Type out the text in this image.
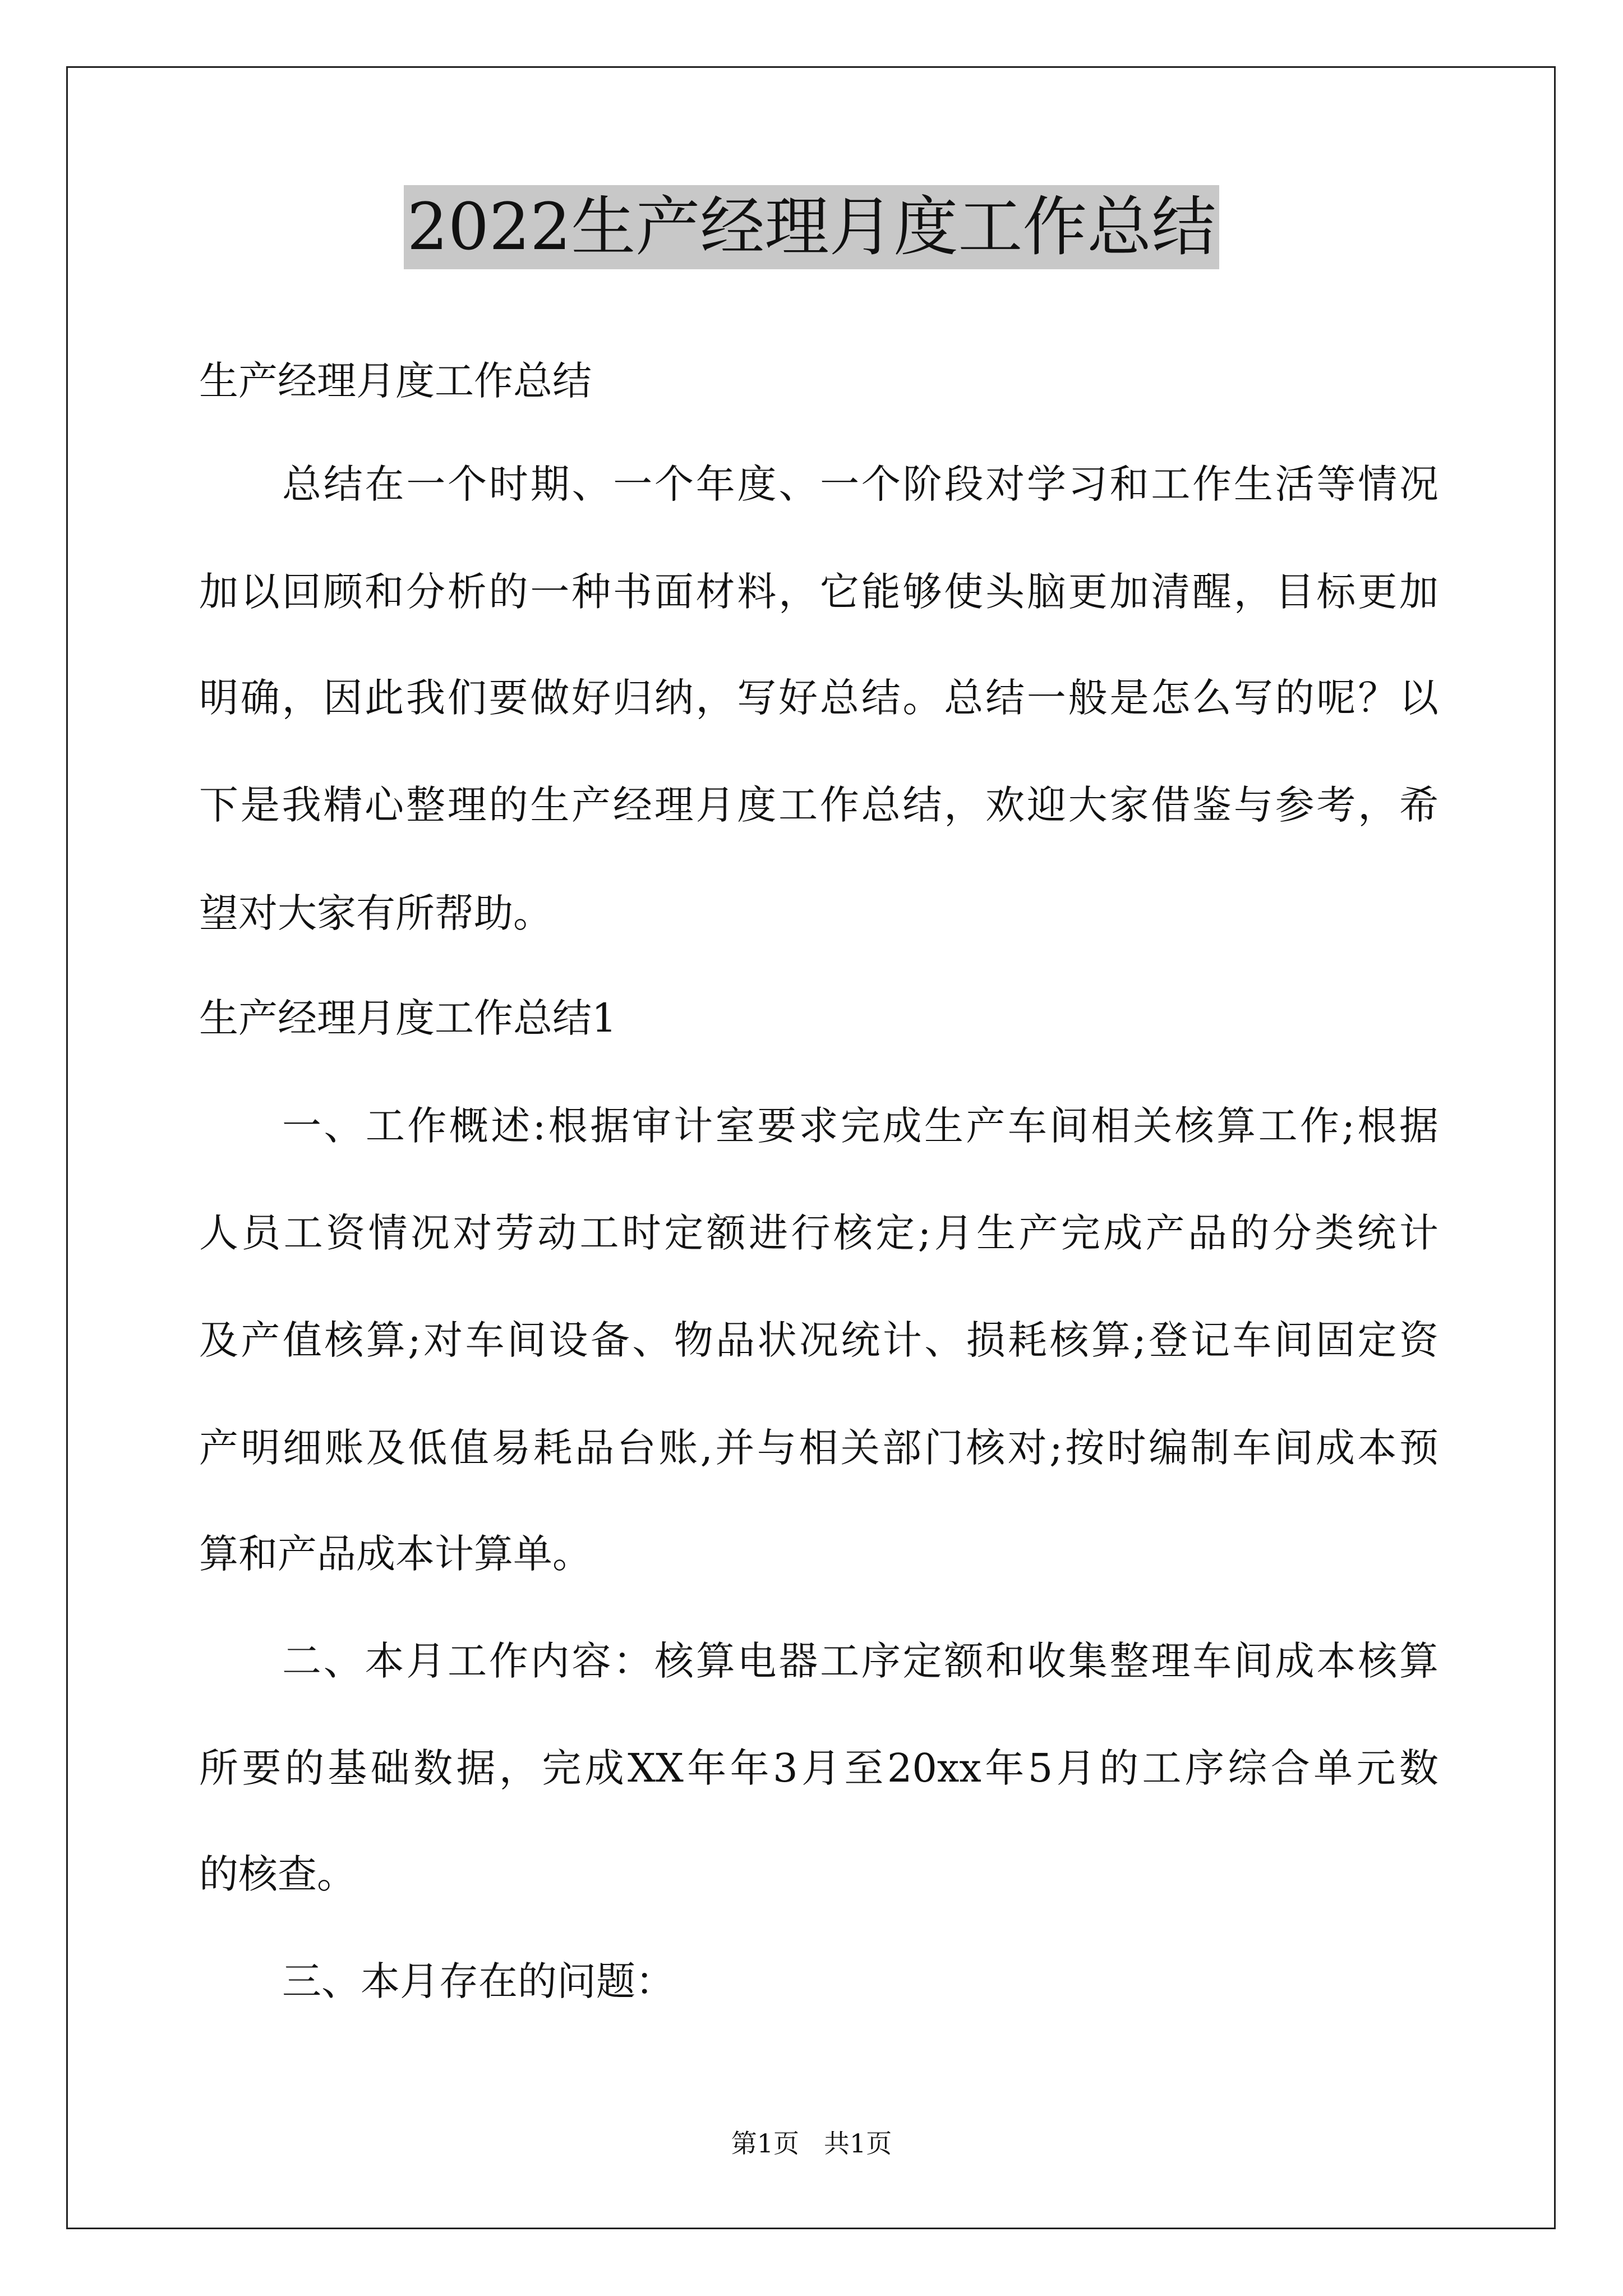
2022生产经理月度工作总结
生产经理月度工作总结
总结在一个时期、一个年度、一个阶段对学习和工作生活等情况
加以回顾和分析的一种书面材料，它能够使头脑更加清醒，目标更加
明确，因此我们要做好归纳，写好总结。总结一般是怎么写的呢？以
下是我精心整理的生产经理月度工作总结，欢迎大家借鉴与参考，希
望对大家有所帮助。
生产经理月度工作总结1
一、工作概述:根据审计室要求完成生产车间相关核算工作;根据
人员工资情况对劳动工时定额进行核定;月生产完成产品的分类统计
及产值核算;对车间设备、物品状况统计、损耗核算;登记车间固定资
产明细账及低值易耗品台账,并与相关部门核对;按时编制车间成本预
算和产品成本计算单。
二、本月工作内容：核算电器工序定额和收集整理车间成本核算
所要的基础数据，完成XX年年3月至20xx年5月的工序综合单元数
的核查。
三、本月存在的问题：
第1页 共1页
